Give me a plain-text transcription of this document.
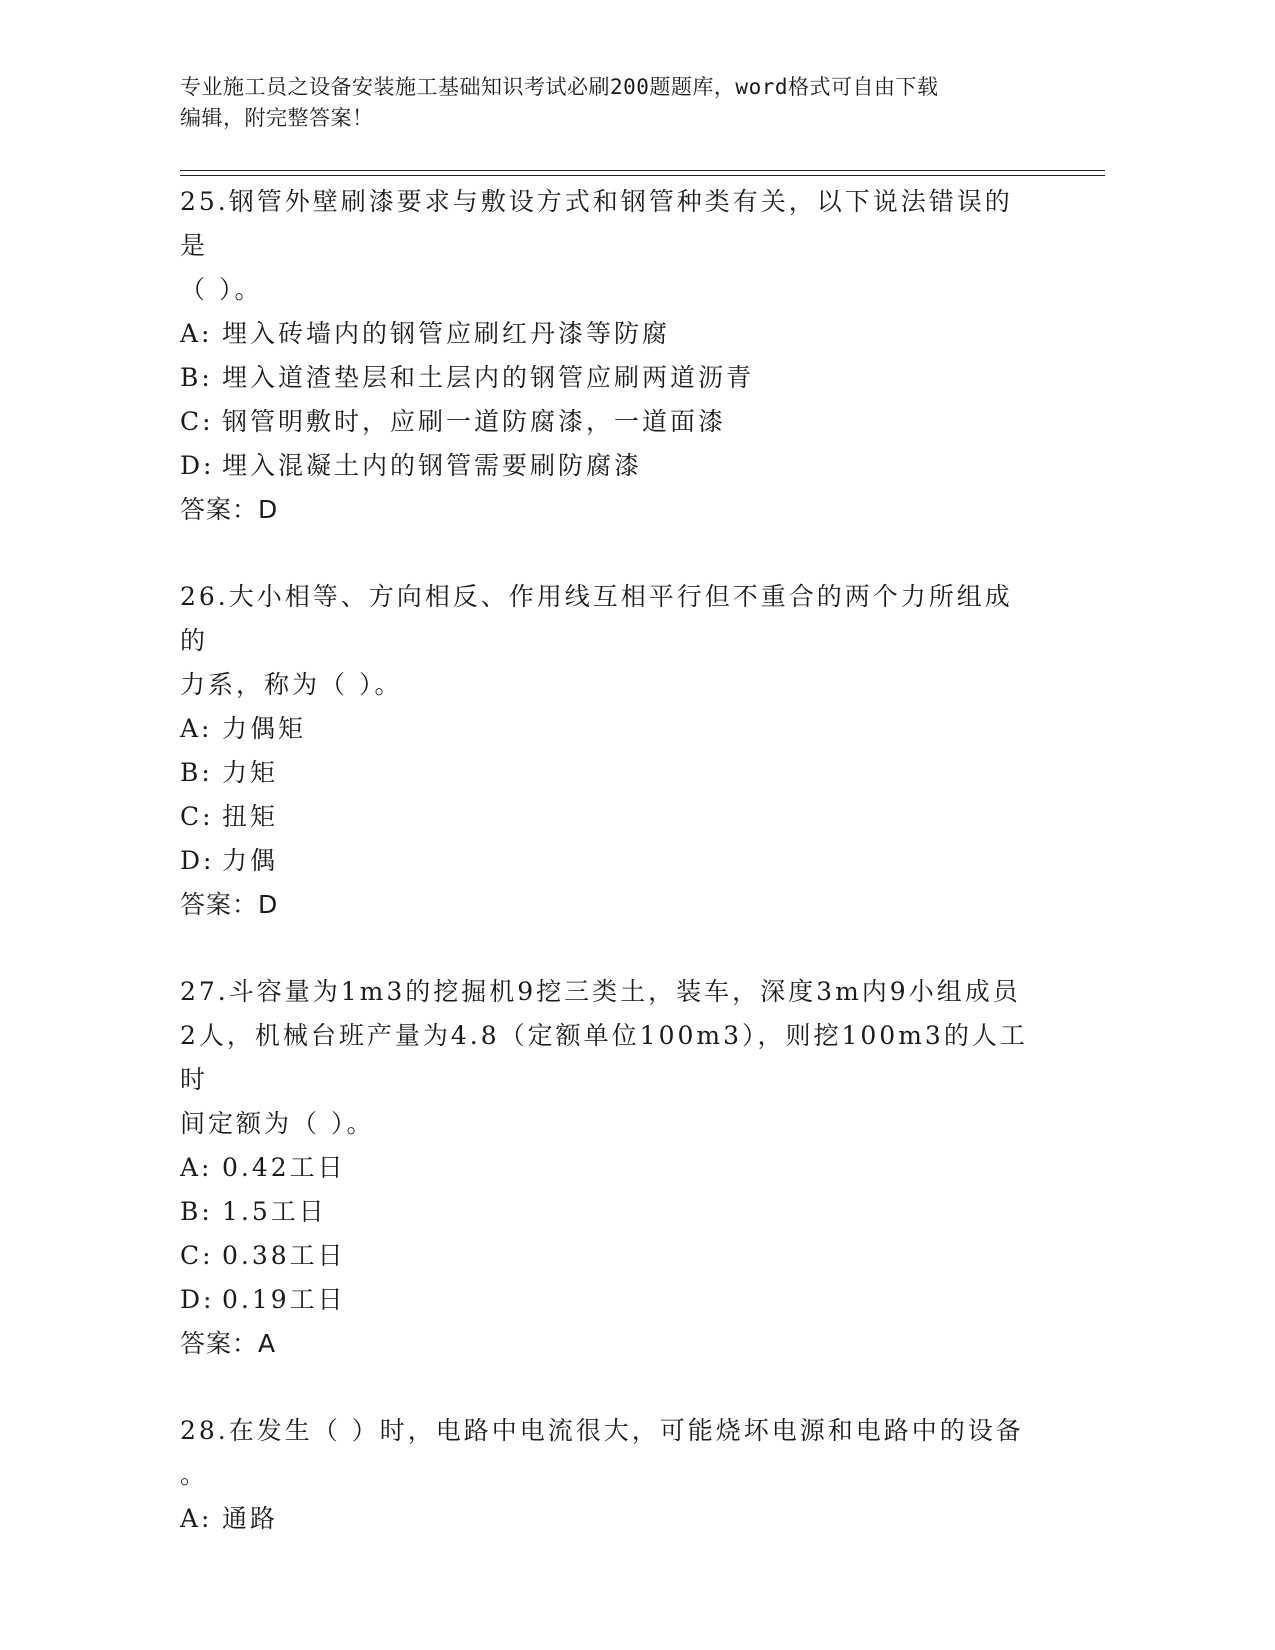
专业施工员之设备安装施工基础知识考试必刷200题题库，word格式可自由下载
编辑，附完整答案！

25.钢管外壁刷漆要求与敷设方式和钢管种类有关，以下说法错误的是

（ ）。

A: 埋入砖墙内的钢管应刷红丹漆等防腐
B: 埋入道渣垫层和土层内的钢管应刷两道沥青
C: 钢管明敷时，应刷一道防腐漆，一道面漆
D: 埋入混凝土内的钢管需要刷防腐漆

答案：D

26.大小相等、方向相反、作用线互相平行但不重合的两个力所组成的

力系，称为（ ）。

A: 力偶矩
B: 力矩
C: 扭矩
D: 力偶

答案：D

27.斗容量为1m3的挖掘机9挖三类土，装车，深度3m内9小组成员

2人，机械台班产量为4.8（定额单位100m3），则挖100m3的人工时

间定额为（ ）。

A: 0.42工日
B: 1.5工日
C: 0.38工日
D: 0.19工日

答案：A

28.在发生（ ）时，电路中电流很大，可能烧坏电源和电路中的设备

。

A: 通路
